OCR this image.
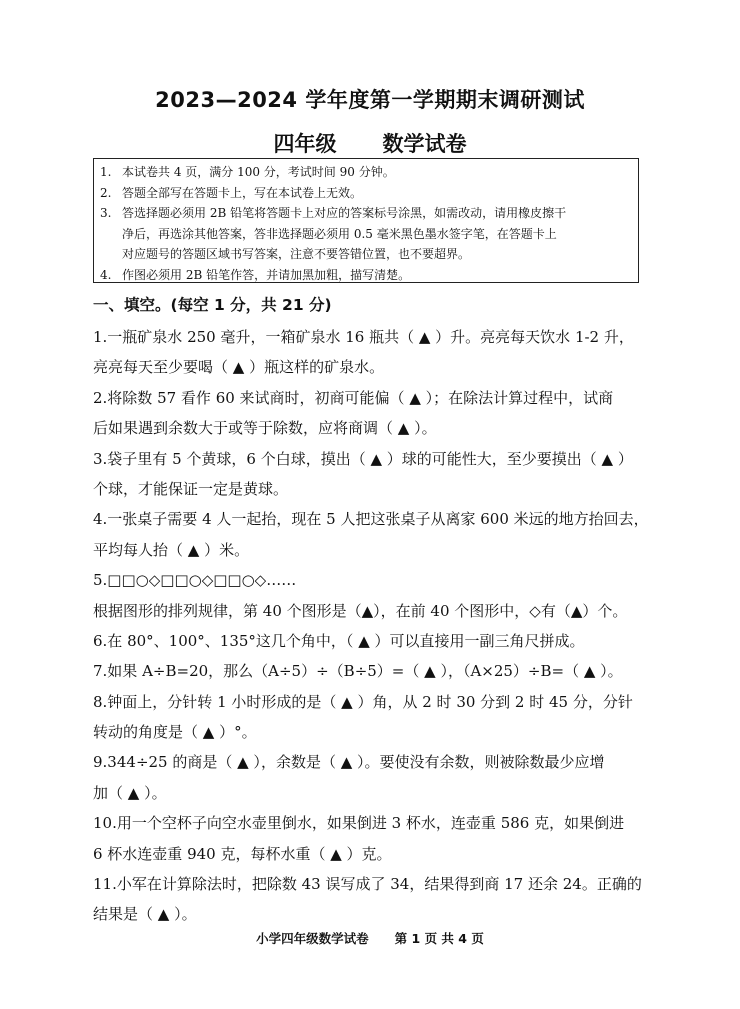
2023—2024 学年度第一学期期末调研测试
四年级 数学试卷
1. 本试卷共 4 页，满分 100 分，考试时间 90 分钟。
2. 答题全部写在答题卡上，写在本试卷上无效。
3. 答选择题必须用 2B 铅笔将答题卡上对应的答案标号涂黑，如需改动，请用橡皮擦干
净后，再选涂其他答案，答非选择题必须用 0.5 毫米黑色墨水签字笔，在答题卡上
对应题号的答题区域书写答案，注意不要答错位置，也不要超界。
4. 作图必须用 2B 铅笔作答，并请加黑加粗，描写清楚。
一、填空。(每空 1 分，共 21 分)
1.一瓶矿泉水 250 毫升，一箱矿泉水 16 瓶共（ ▲ ）升。亮亮每天饮水 1-2 升，
亮亮每天至少要喝（ ▲ ）瓶这样的矿泉水。
2.将除数 57 看作 60 来试商时，初商可能偏（ ▲ ）；在除法计算过程中，试商
后如果遇到余数大于或等于除数，应将商调（ ▲ ）。
3.袋子里有 5 个黄球，6 个白球，摸出（ ▲ ）球的可能性大，至少要摸出（ ▲ ）
个球，才能保证一定是黄球。
4.一张桌子需要 4 人一起抬，现在 5 人把这张桌子从离家 600 米远的地方抬回去，
平均每人抬（ ▲ ）米。
5.□□○◇□□○◇□□○◇……
根据图形的排列规律，第 40 个图形是（▲），在前 40 个图形中，◇有（▲）个。
6.在 80°、100°、135°这几个角中，（ ▲ ）可以直接用一副三角尺拼成。
7.如果 A÷B=20，那么（A÷5）÷（B÷5）=（ ▲ ），（A×25）÷B=（ ▲ ）。
8.钟面上，分针转 1 小时形成的是（ ▲ ）角，从 2 时 30 分到 2 时 45 分，分针
转动的角度是（ ▲ ）°。
9.344÷25 的商是（ ▲ ），余数是（ ▲ ）。要使没有余数，则被除数最少应增
加（ ▲ ）。
10.用一个空杯子向空水壶里倒水，如果倒进 3 杯水，连壶重 586 克，如果倒进
6 杯水连壶重 940 克，每杯水重（ ▲ ）克。
11.小军在计算除法时，把除数 43 误写成了 34，结果得到商 17 还余 24。正确的
结果是（ ▲ ）。
小学四年级数学试卷 第 1 页 共 4 页
